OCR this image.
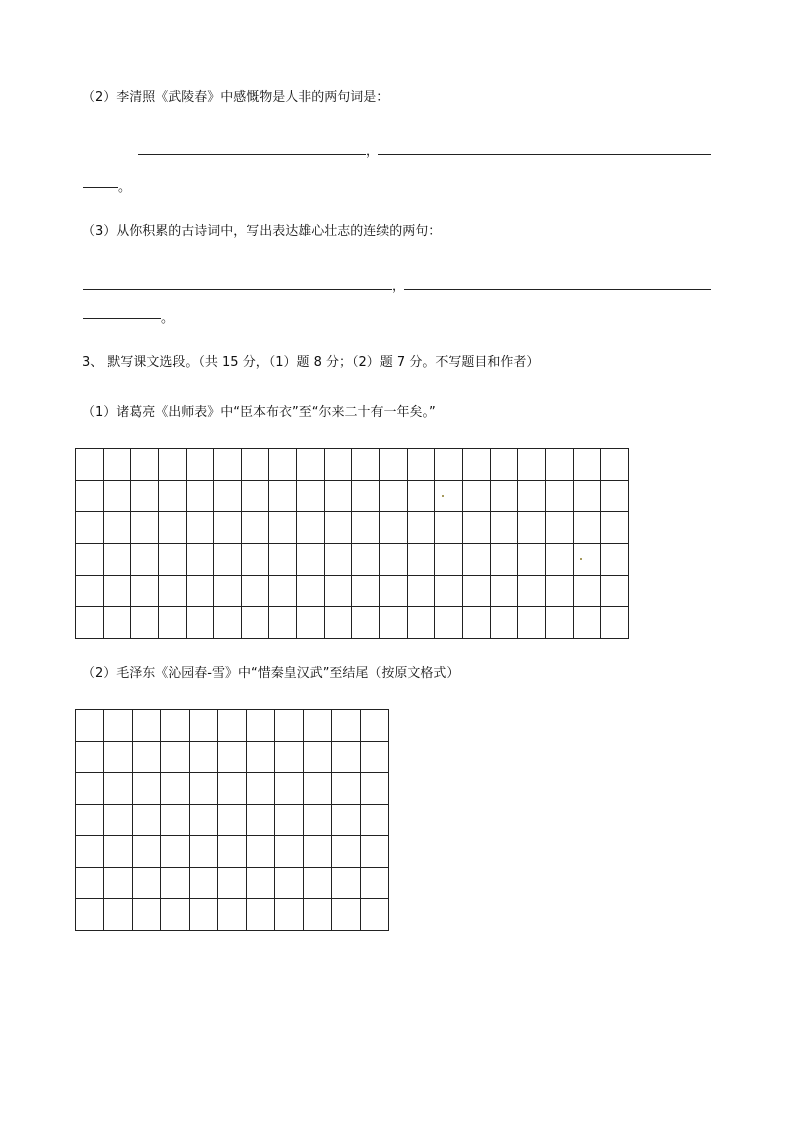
（2）李清照《武陵春》中感慨物是人非的两句词是：
，
。
（3）从你积累的古诗词中，写出表达雄心壮志的连续的两句：
，
。
3、 默写课文选段。（共 15 分，（1）题 8 分；（2）题 7 分。不写题目和作者）
（1）诸葛亮《出师表》中“臣本布衣”至“尔来二十有一年矣。”

（2）毛泽东《沁园春-雪》中“惜秦皇汉武”至结尾（按原文格式）
